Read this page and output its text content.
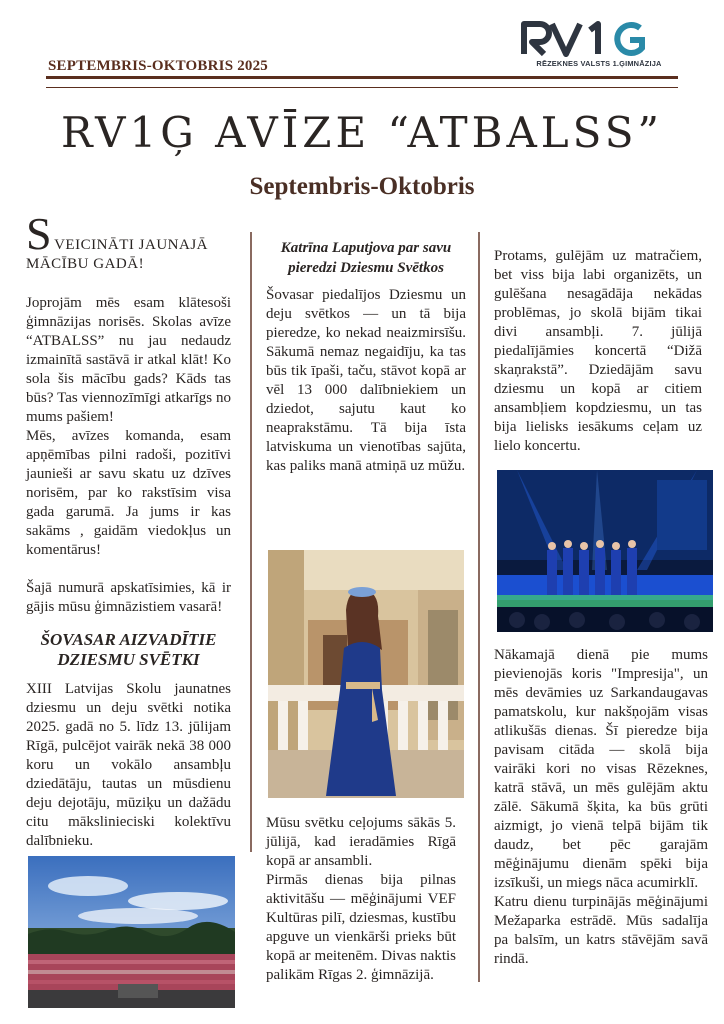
SEPTEMBRIS-OKTOBRIS 2025	RĒZEKNES VALSTS 1.ĢIMNĀZIJA
RV1Ģ AVĪZE “ATBALSS”
Septembris-Oktobris
S VEICINĀTI JAUNAJĀ MĀCĪBU GADĀ!

Joprojām mēs esam klātesoši ģimnāzijas norisēs. Skolas avīze “ATBALSS” nu jau nedaudz izmainītā sastāvā ir atkal klāt! Ko sola šis mācību gads? Kāds tas būs? Tas viennozīmīgi atkarīgs no mums pašiem!

Mēs, avīzes komanda, esam apņēmības pilni radoši, pozitīvi jaunieši ar savu skatu uz dzīves norisēm, par ko rakstīsim visa gada garumā. Ja jums ir kas sakāms , gaidām viedokļus un komentārus!

Šajā numurā apskatīsimies, kā ir gājis mūsu ģimnāzistiem vasarā!

ŠOVASAR AIZVADĪTIE DZIESMU SVĒTKI

XIII Latvijas Skolu jaunatnes dziesmu un deju svētki notika 2025. gadā no 5. līdz 13. jūlijam Rīgā, pulcējot vairāk nekā 38 000 koru un vokālo ansambļu dziedātāju, tautas un mūsdienu deju dejotāju, mūziķu un dažādu citu mākslinieciski kolektīvu dalībnieku.

Katrīna Laputjova par savu pieredzi Dziesmu Svētkos

Šovasar piedalījos Dziesmu un deju svētkos — un tā bija pieredze, ko nekad neaizmirsīšu. Sākumā nemaz negaidīju, ka tas būs tik īpaši, taču, stāvot kopā ar vēl 13 000 dalībniekiem un dziedot, sajutu kaut ko neaprakstāmu. Tā bija īsta latviskuma un vienotības sajūta, kas paliks manā atmiņā uz mūžu.

Mūsu svētku ceļojums sākās 5. jūlijā, kad ieradāmies Rīgā kopā ar ansambli.

Pirmās dienas bija pilnas aktivitāšu — mēģinājumi VEF Kultūras pilī, dziesmas, kustību apguve un vienkārši prieks būt kopā ar meitenēm. Divas naktis palikām Rīgas 2. ģimnāzijā.

Protams, gulējām uz matračiem, bet viss bija labi organizēts, un gulēšana nesagādāja nekādas problēmas, jo skolā bijām tikai divi ansambļi. 7. jūlijā piedalījāmies koncertā “Dižā skaņrakstā”. Dziedājām savu dziesmu un kopā ar citiem ansambļiem kopdziesmu, un tas bija lielisks iesākums ceļam uz lielo koncertu.

Nākamajā dienā pie mums pievienojās koris "Impresija", un mēs devāmies uz Sarkandaugavas pamatskolu, kur nakšņojām visas atlikušās dienas. Šī pieredze bija pavisam citāda — skolā bija vairāki kori no visas Rēzeknes, katrā stāvā, un mēs gulējām aktu zālē. Sākumā šķita, ka būs grūti aizmigt, jo vienā telpā bijām tik daudz, bet pēc garajām mēģinājumu dienām spēki bija izsīkuši, un miegs nāca acumirklī.

Katru dienu turpinājās mēģinājumi Mežaparka estrādē. Mūs sadalīja pa balsīm, un katrs stāvējām savā rindā.
